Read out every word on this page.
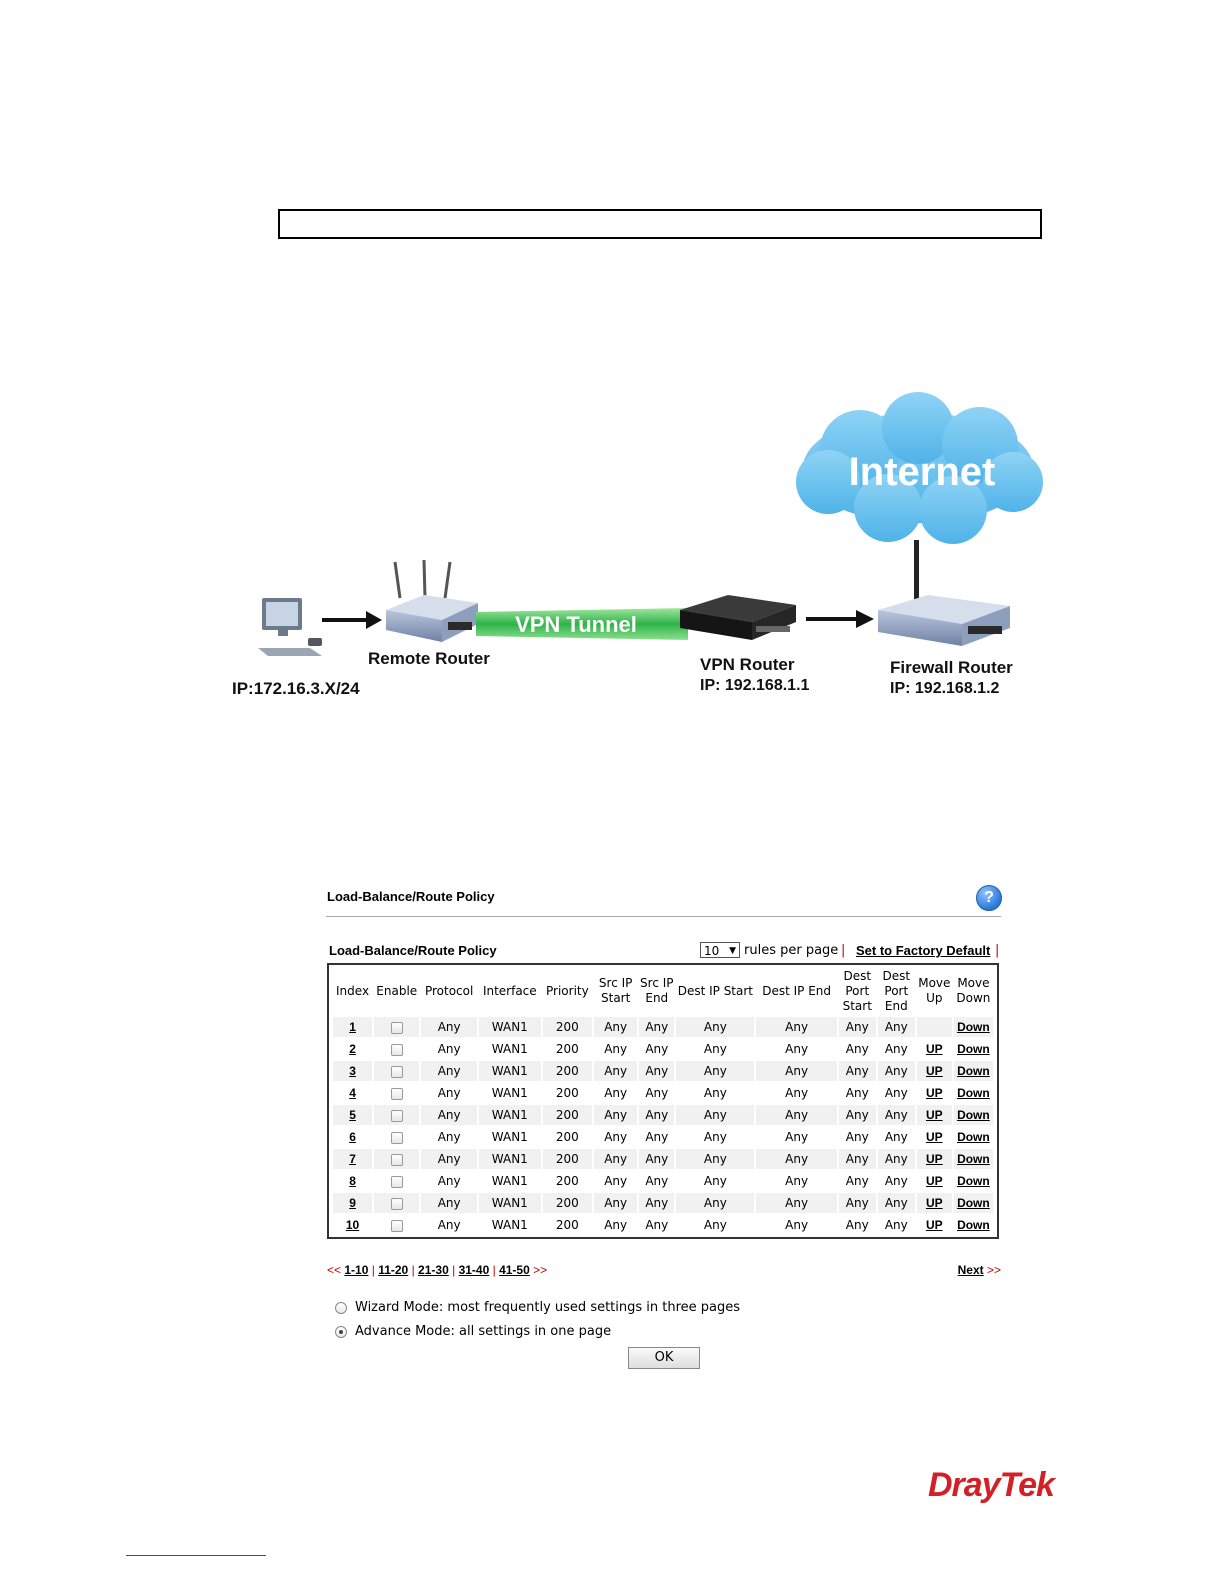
Internet
VPN Tunnel
Remote Router
IP:172.16.3.X/24
VPN Router
IP: 192.168.1.1
Firewall Router
IP: 192.168.1.2
Load-Balance/Route Policy	?
Load-Balance/Route Policy	10 ▼ rules per page | Set to Factory Default |
Index	Enable	Protocol	Interface	Priority	Src IP Start	Src IP End	Dest IP Start	Dest IP End	Dest Port Start	Dest Port End	Move Up	Move Down
1		Any	WAN1	200	Any	Any	Any	Any	Any	Any		Down
2		Any	WAN1	200	Any	Any	Any	Any	Any	Any	UP	Down
3		Any	WAN1	200	Any	Any	Any	Any	Any	Any	UP	Down
4		Any	WAN1	200	Any	Any	Any	Any	Any	Any	UP	Down
5		Any	WAN1	200	Any	Any	Any	Any	Any	Any	UP	Down
6		Any	WAN1	200	Any	Any	Any	Any	Any	Any	UP	Down
7		Any	WAN1	200	Any	Any	Any	Any	Any	Any	UP	Down
8		Any	WAN1	200	Any	Any	Any	Any	Any	Any	UP	Down
9		Any	WAN1	200	Any	Any	Any	Any	Any	Any	UP	Down
10		Any	WAN1	200	Any	Any	Any	Any	Any	Any	UP	Down
<< 1-10 | 11-20 | 21-30 | 31-40 | 41-50 >>	Next >>
Wizard Mode: most frequently used settings in three pages
Advance Mode: all settings in one page
OK
DrayTek
